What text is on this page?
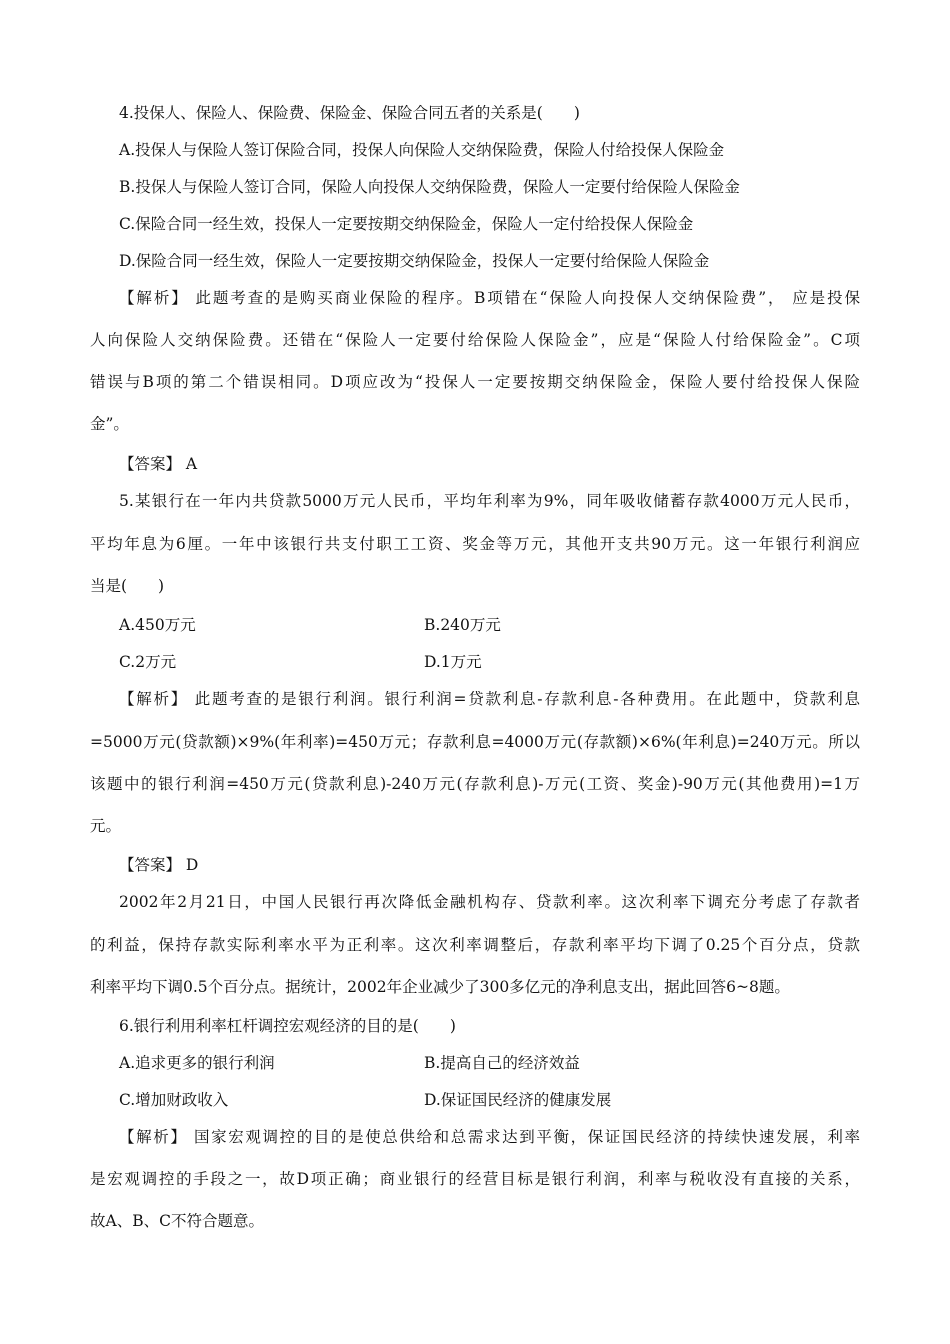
4.投保人、保险人、保险费、保险金、保险合同五者的关系是(　　)
A.投保人与保险人签订保险合同，投保人向保险人交纳保险费，保险人付给投保人保险金
B.投保人与保险人签订合同，保险人向投保人交纳保险费，保险人一定要付给保险人保险金
C.保险合同一经生效，投保人一定要按期交纳保险金，保险人一定付给投保人保险金
D.保险合同一经生效，保险人一定要按期交纳保险金，投保人一定要付给保险人保险金
【解析】 此题考查的是购买商业保险的程序。B项错在“保险人向投保人交纳保险费”， 应是投保
人向保险人交纳保险费。还错在“保险人一定要付给保险人保险金”，应是“保险人付给保险金”。C项
错误与B项的第二个错误相同。D项应改为“投保人一定要按期交纳保险金，保险人要付给投保人保险
金”。
【答案】 A
5.某银行在一年内共贷款5000万元人民币，平均年利率为9%，同年吸收储蓄存款4000万元人民币，
平均年息为6厘。一年中该银行共支付职工工资、奖金等万元，其他开支共90万元。这一年银行利润应
当是(　　)
A.450万元	B.240万元
C.2万元	D.1万元
【解析】 此题考查的是银行利润。银行利润=贷款利息-存款利息-各种费用。在此题中，贷款利息
=5000万元(贷款额)×9%(年利率)=450万元；存款利息=4000万元(存款额)×6%(年利息)=240万元。所以
该题中的银行利润=450万元(贷款利息)-240万元(存款利息)-万元(工资、奖金)-90万元(其他费用)=1万
元。
【答案】 D
2002年2月21日，中国人民银行再次降低金融机构存、贷款利率。这次利率下调充分考虑了存款者
的利益，保持存款实际利率水平为正利率。这次利率调整后，存款利率平均下调了0.25个百分点，贷款
利率平均下调0.5个百分点。据统计，2002年企业减少了300多亿元的净利息支出，据此回答6~8题。
6.银行利用利率杠杆调控宏观经济的目的是(　　)
A.追求更多的银行利润	B.提高自己的经济效益
C.增加财政收入	D.保证国民经济的健康发展
【解析】 国家宏观调控的目的是使总供给和总需求达到平衡，保证国民经济的持续快速发展，利率
是宏观调控的手段之一，故D项正确；商业银行的经营目标是银行利润，利率与税收没有直接的关系，
故A、B、C不符合题意。
